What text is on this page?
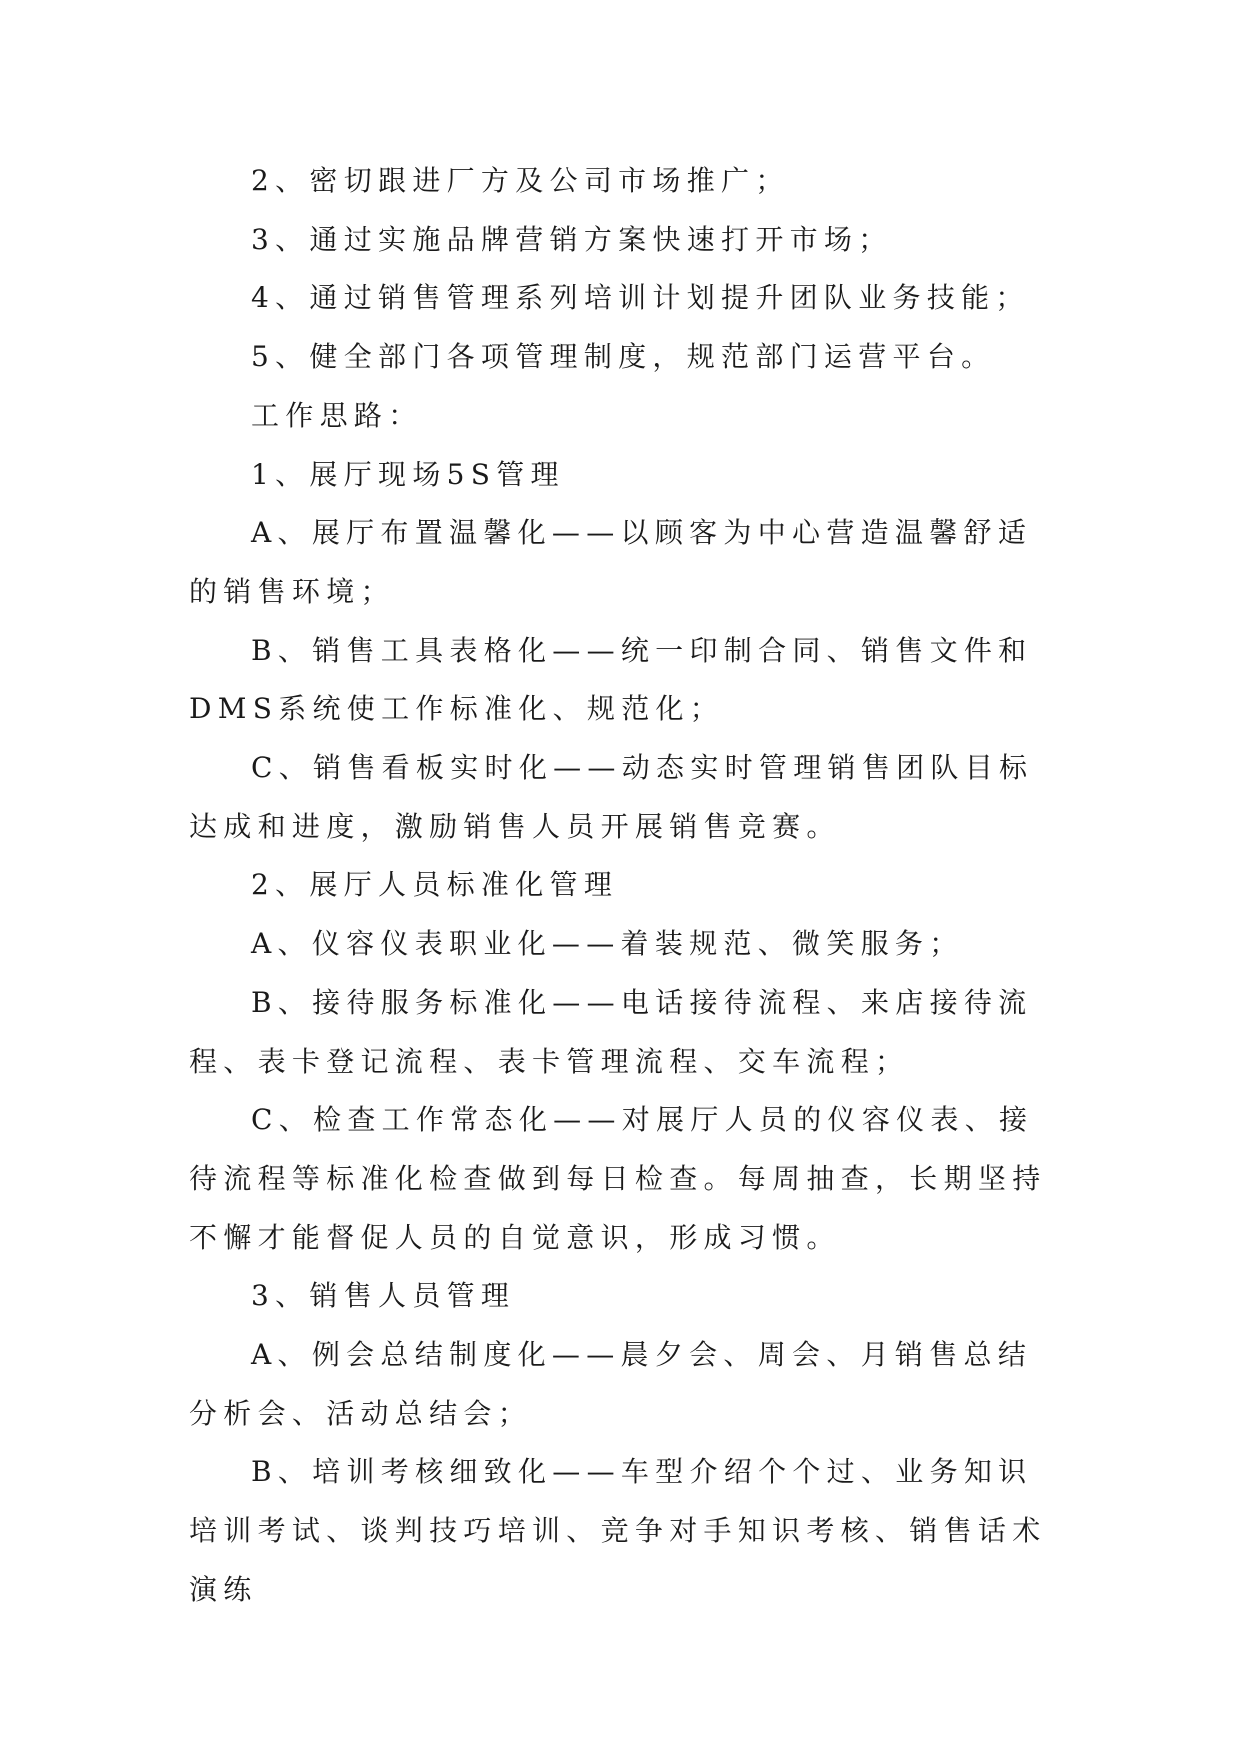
2、密切跟进厂方及公司市场推广；

3、通过实施品牌营销方案快速打开市场；

4、通过销售管理系列培训计划提升团队业务技能；

5、健全部门各项管理制度，规范部门运营平台。

工作思路：

1、展厅现场5S管理

A、展厅布置温馨化——以顾客为中心营造温馨舒适的销售环境；

B、销售工具表格化——统一印制合同、销售文件和DMS系统使工作标准化、规范化；

C、销售看板实时化——动态实时管理销售团队目标达成和进度，激励销售人员开展销售竞赛。

2、展厅人员标准化管理

A、仪容仪表职业化——着装规范、微笑服务；

B、接待服务标准化——电话接待流程、来店接待流程、表卡登记流程、表卡管理流程、交车流程；

C、检查工作常态化——对展厅人员的仪容仪表、接待流程等标准化检查做到每日检查。每周抽查，长期坚持不懈才能督促人员的自觉意识，形成习惯。

3、销售人员管理

A、例会总结制度化——晨夕会、周会、月销售总结分析会、活动总结会；

B、培训考核细致化——车型介绍个个过、业务知识培训考试、谈判技巧培训、竞争对手知识考核、销售话术演练
